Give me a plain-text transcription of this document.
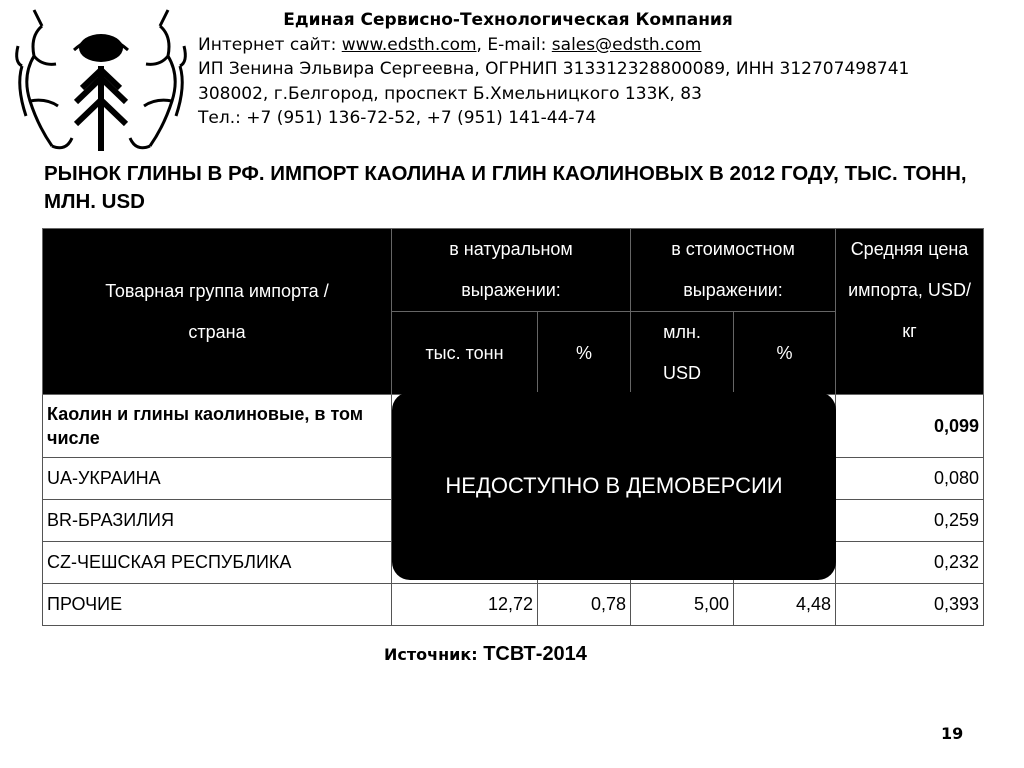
Единая Сервисно-Технологическая Компания
Интернет сайт: www.edsth.com, E-mail: sales@edsth.com
ИП Зенина Эльвира Сергеевна, ОГРНИП 313312328800089, ИНН 312707498741
308002, г.Белгород, проспект Б.Хмельницкого 133К, 83
Тел.: +7 (951) 136-72-52, +7 (951) 141-44-74
РЫНОК ГЛИНЫ В РФ. ИМПОРТ КАОЛИНА И ГЛИН КАОЛИНОВЫХ В 2012 ГОДУ, ТЫС. ТОНН, МЛН. USD
Товарная группа импорта / страна	в натуральном выражении:		в стоимостном выражении:		Средняя цена импорта, USD/кг
	тыс. тонн	%	млн. USD	%	
Каолин и глины каолиновые, в том числе					0,099
UA-УКРАИНА					0,080
BR-БРАЗИЛИЯ					0,259
CZ-ЧЕШСКАЯ РЕСПУБЛИКА					0,232
ПРОЧИЕ	12,72	0,78	5,00	4,48	0,393
НЕДОСТУПНО В ДЕМОВЕРСИИ
Источник: ТСВТ-2014
19
